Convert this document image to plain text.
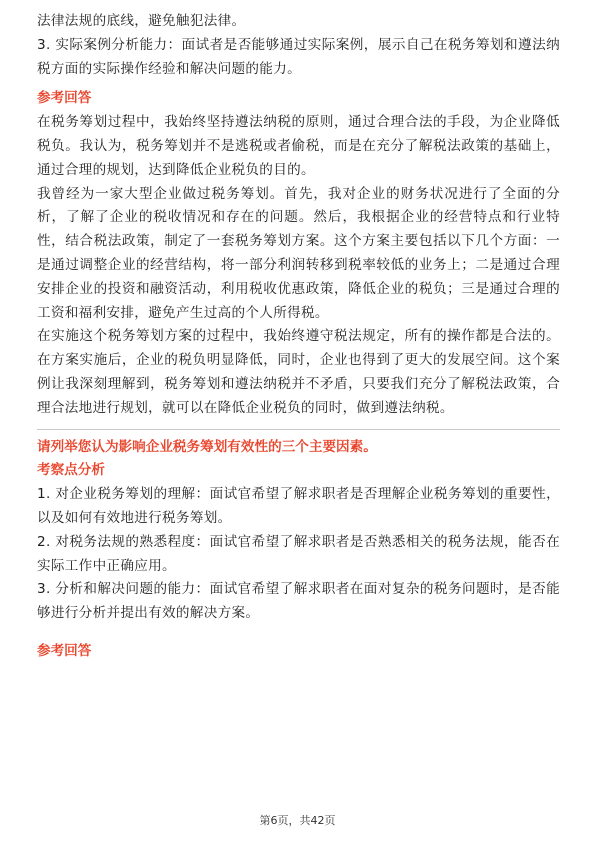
法律法规的底线，避免触犯法律。

3. 实际案例分析能力：面试者是否能够通过实际案例，展示自己在税务筹划和遵法纳税方面的实际操作经验和解决问题的能力。

参考回答

在税务筹划过程中，我始终坚持遵法纳税的原则，通过合理合法的手段，为企业降低税负。我认为，税务筹划并不是逃税或者偷税，而是在充分了解税法政策的基础上，通过合理的规划，达到降低企业税负的目的。

我曾经为一家大型企业做过税务筹划。首先，我对企业的财务状况进行了全面的分析，了解了企业的税收情况和存在的问题。然后，我根据企业的经营特点和行业特性，结合税法政策，制定了一套税务筹划方案。这个方案主要包括以下几个方面：一是通过调整企业的经营结构，将一部分利润转移到税率较低的业务上；二是通过合理安排企业的投资和融资活动，利用税收优惠政策，降低企业的税负；三是通过合理的工资和福利安排，避免产生过高的个人所得税。

在实施这个税务筹划方案的过程中，我始终遵守税法规定，所有的操作都是合法的。在方案实施后，企业的税负明显降低，同时，企业也得到了更大的发展空间。这个案例让我深刻理解到，税务筹划和遵法纳税并不矛盾，只要我们充分了解税法政策，合理合法地进行规划，就可以在降低企业税负的同时，做到遵法纳税。

请列举您认为影响企业税务筹划有效性的三个主要因素。
考察点分析

1. 对企业税务筹划的理解：面试官希望了解求职者是否理解企业税务筹划的重要性，以及如何有效地进行税务筹划。

2. 对税务法规的熟悉程度：面试官希望了解求职者是否熟悉相关的税务法规，能否在实际工作中正确应用。

3. 分析和解决问题的能力：面试官希望了解求职者在面对复杂的税务问题时，是否能够进行分析并提出有效的解决方案。

参考回答
第6页，共42页
